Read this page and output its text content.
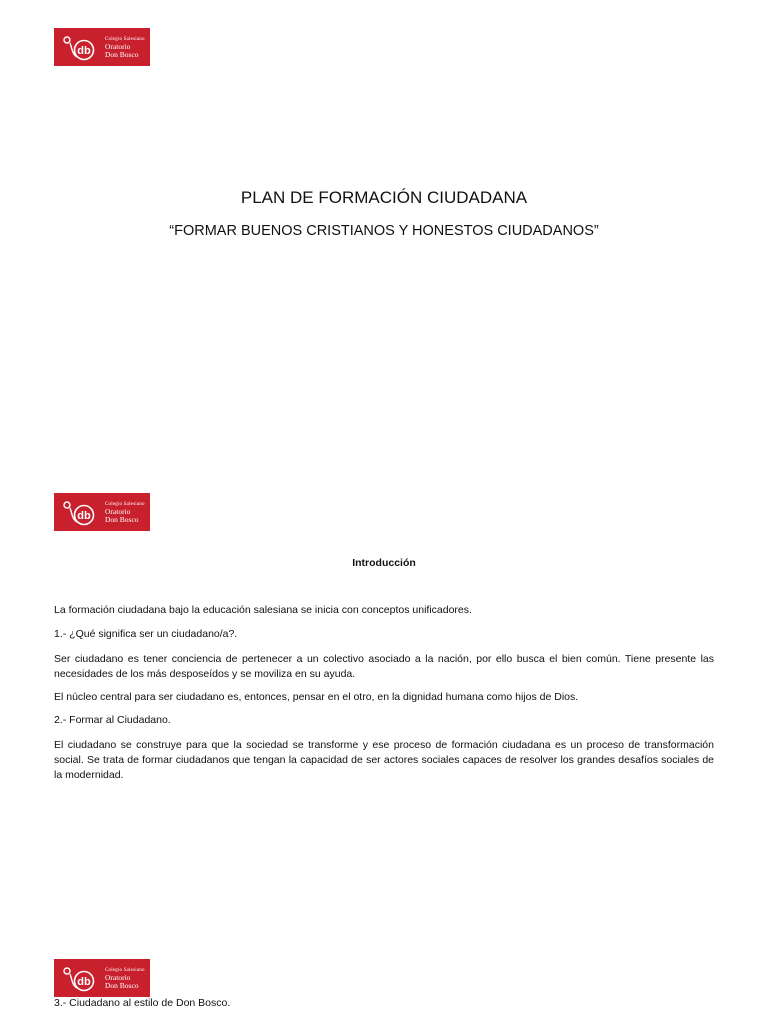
db
Colegio Salesiano
Oratorio
Don Bosco
PLAN DE FORMACIÓN CIUDADANA
“FORMAR BUENOS CRISTIANOS Y HONESTOS CIUDADANOS”
db
Colegio Salesiano
Oratorio
Don Bosco
Introducción
La formación ciudadana bajo la educación salesiana se inicia con conceptos unificadores.
1.- ¿Qué significa ser un ciudadano/a?.
Ser ciudadano es tener conciencia de pertenecer a un colectivo asociado a la nación, por ello busca el bien común. Tiene presente las necesidades de los más desposeídos y se moviliza en su ayuda.
El núcleo central para ser ciudadano es, entonces, pensar en el otro, en la dignidad humana como hijos de Dios.
2.- Formar al Ciudadano.
El ciudadano se construye para que la sociedad se transforme y ese proceso de formación ciudadana es un proceso de transformación social. Se trata de formar ciudadanos que tengan la capacidad de ser actores sociales capaces de resolver los grandes desafíos sociales de la modernidad.
db
Colegio Salesiano
Oratorio
Don Bosco
3.- Ciudadano al estilo de Don Bosco.
